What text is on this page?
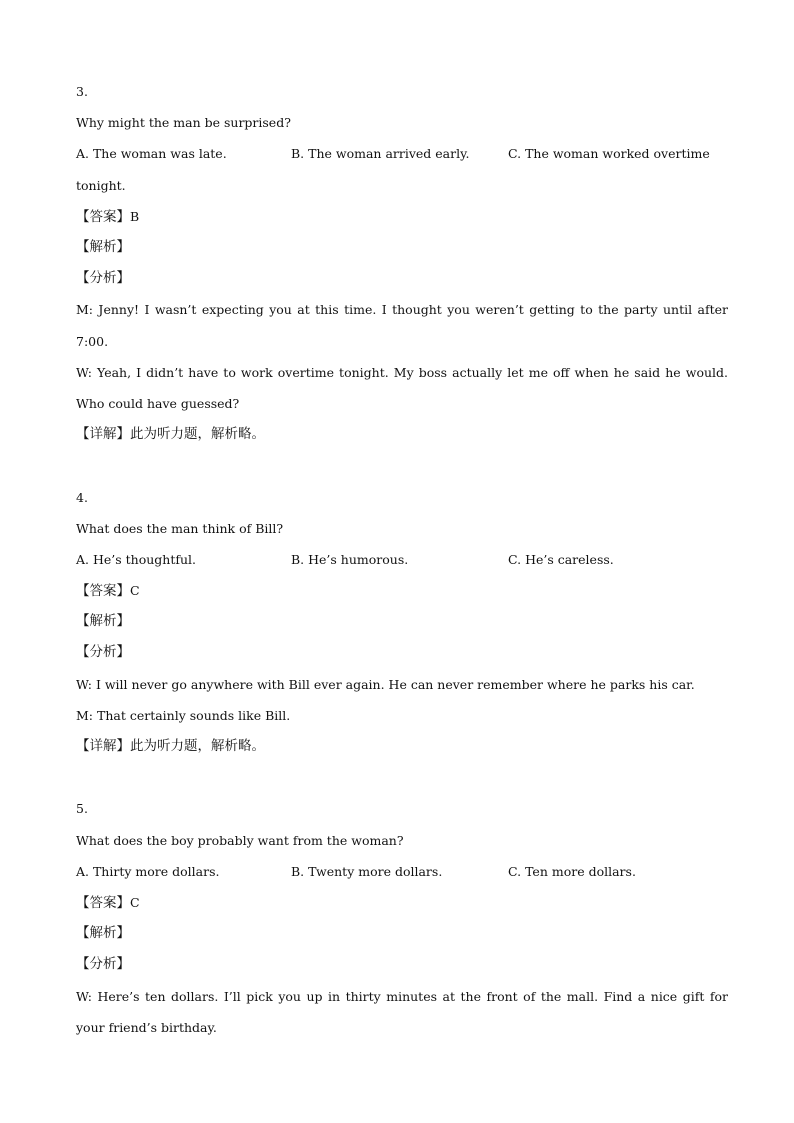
3.
Why might the man be surprised?
A. The woman was late.	B. The woman arrived early.	C. The woman worked overtime
tonight.
【答案】B
【解析】
【分析】
M: Jenny! I wasn’t expecting you at this time. I thought you weren’t getting to the party until after 7:00.
W: Yeah, I didn’t have to work overtime tonight. My boss actually let me off when he said he would. Who could have guessed?
【详解】此为听力题，解析略。
4.
What does the man think of Bill?
A. He’s thoughtful.	B. He’s humorous.	C. He’s careless.
【答案】C
【解析】
【分析】
W: I will never go anywhere with Bill ever again. He can never remember where he parks his car.
M: That certainly sounds like Bill.
【详解】此为听力题，解析略。
5.
What does the boy probably want from the woman?
A. Thirty more dollars.	B. Twenty more dollars.	C. Ten more dollars.
【答案】C
【解析】
【分析】
W: Here’s ten dollars. I’ll pick you up in thirty minutes at the front of the mall. Find a nice gift for your friend’s birthday.
